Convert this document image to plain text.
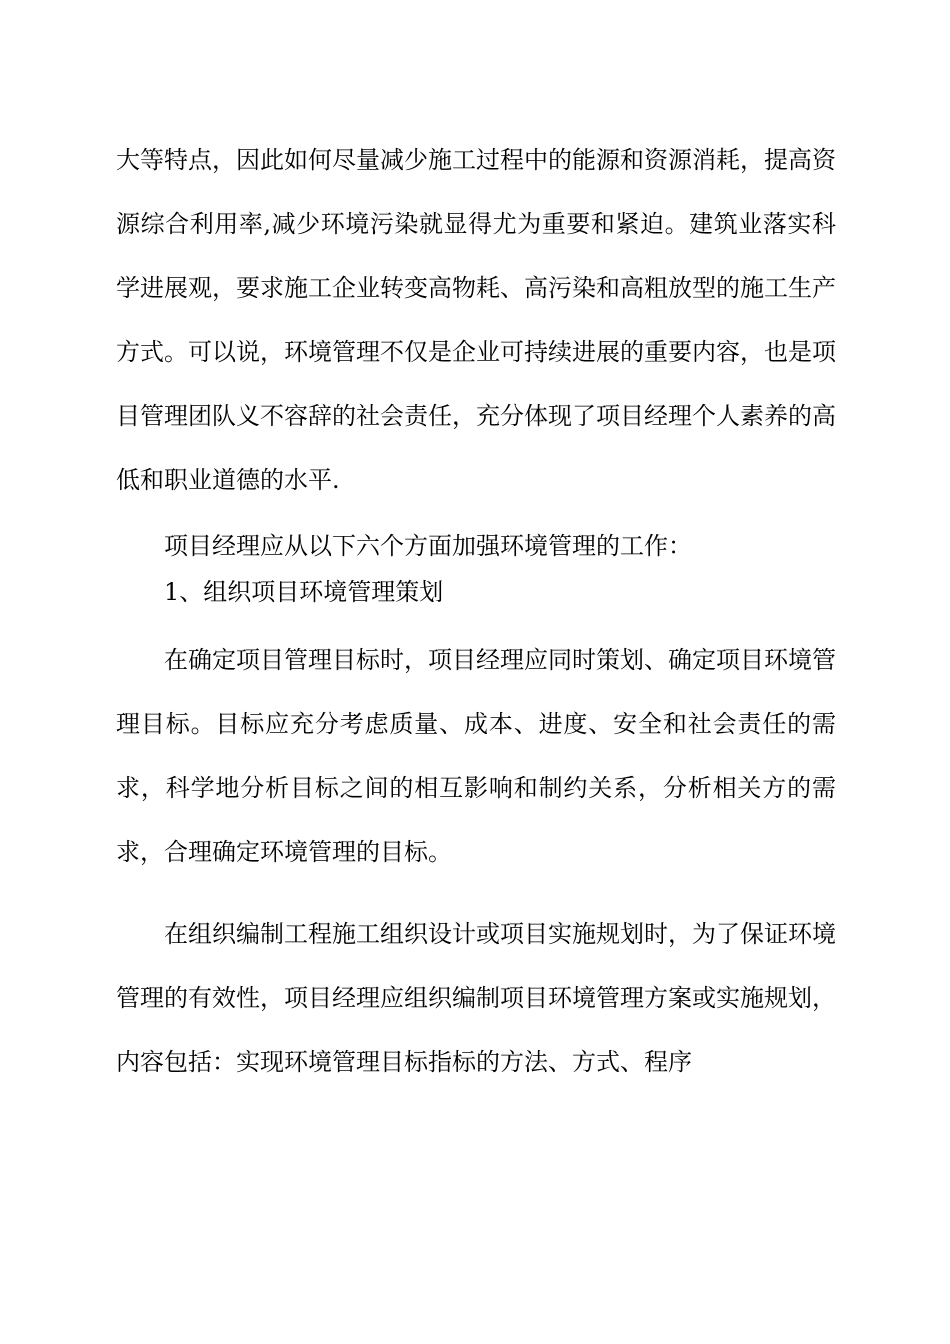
大等特点，因此如何尽量减少施工过程中的能源和资源消耗，提高资源综合利用率,减少环境污染就显得尤为重要和紧迫。建筑业落实科学进展观，要求施工企业转变高物耗、高污染和高粗放型的施工生产方式。可以说，环境管理不仅是企业可持续进展的重要内容，也是项目管理团队义不容辞的社会责任，充分体现了项目经理个人素养的高低和职业道德的水平.

项目经理应从以下六个方面加强环境管理的工作：

1、组织项目环境管理策划

在确定项目管理目标时，项目经理应同时策划、确定项目环境管理目标。目标应充分考虑质量、成本、进度、安全和社会责任的需求，科学地分析目标之间的相互影响和制约关系，分析相关方的需求，合理确定环境管理的目标。

在组织编制工程施工组织设计或项目实施规划时，为了保证环境管理的有效性，项目经理应组织编制项目环境管理方案或实施规划，内容包括：实现环境管理目标指标的方法、方式、程序
